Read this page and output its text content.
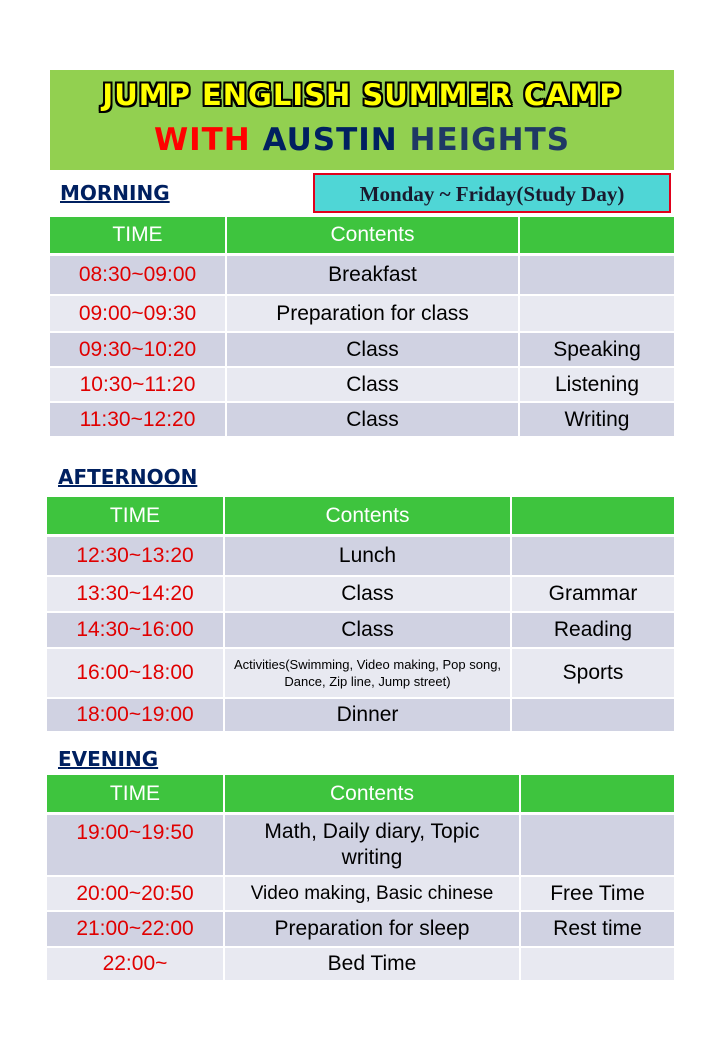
JUMP ENGLISH SUMMER CAMP
WITH AUSTIN HEIGHTS
MORNING	Monday ~ Friday(Study Day)
TIME	Contents	
08:30~09:00	Breakfast	
09:00~09:30	Preparation for class	
09:30~10:20	Class	Speaking
10:30~11:20	Class	Listening
11:30~12:20	Class	Writing
AFTERNOON
TIME	Contents	
12:30~13:20	Lunch	
13:30~14:20	Class	Grammar
14:30~16:00	Class	Reading
16:00~18:00	Activities(Swimming, Video making, Pop song, Dance, Zip line, Jump street)	Sports
18:00~19:00	Dinner	
EVENING
TIME	Contents	
19:00~19:50	Math, Daily diary, Topic writing	
20:00~20:50	Video making, Basic chinese	Free Time
21:00~22:00	Preparation for sleep	Rest time
22:00~	Bed Time	
